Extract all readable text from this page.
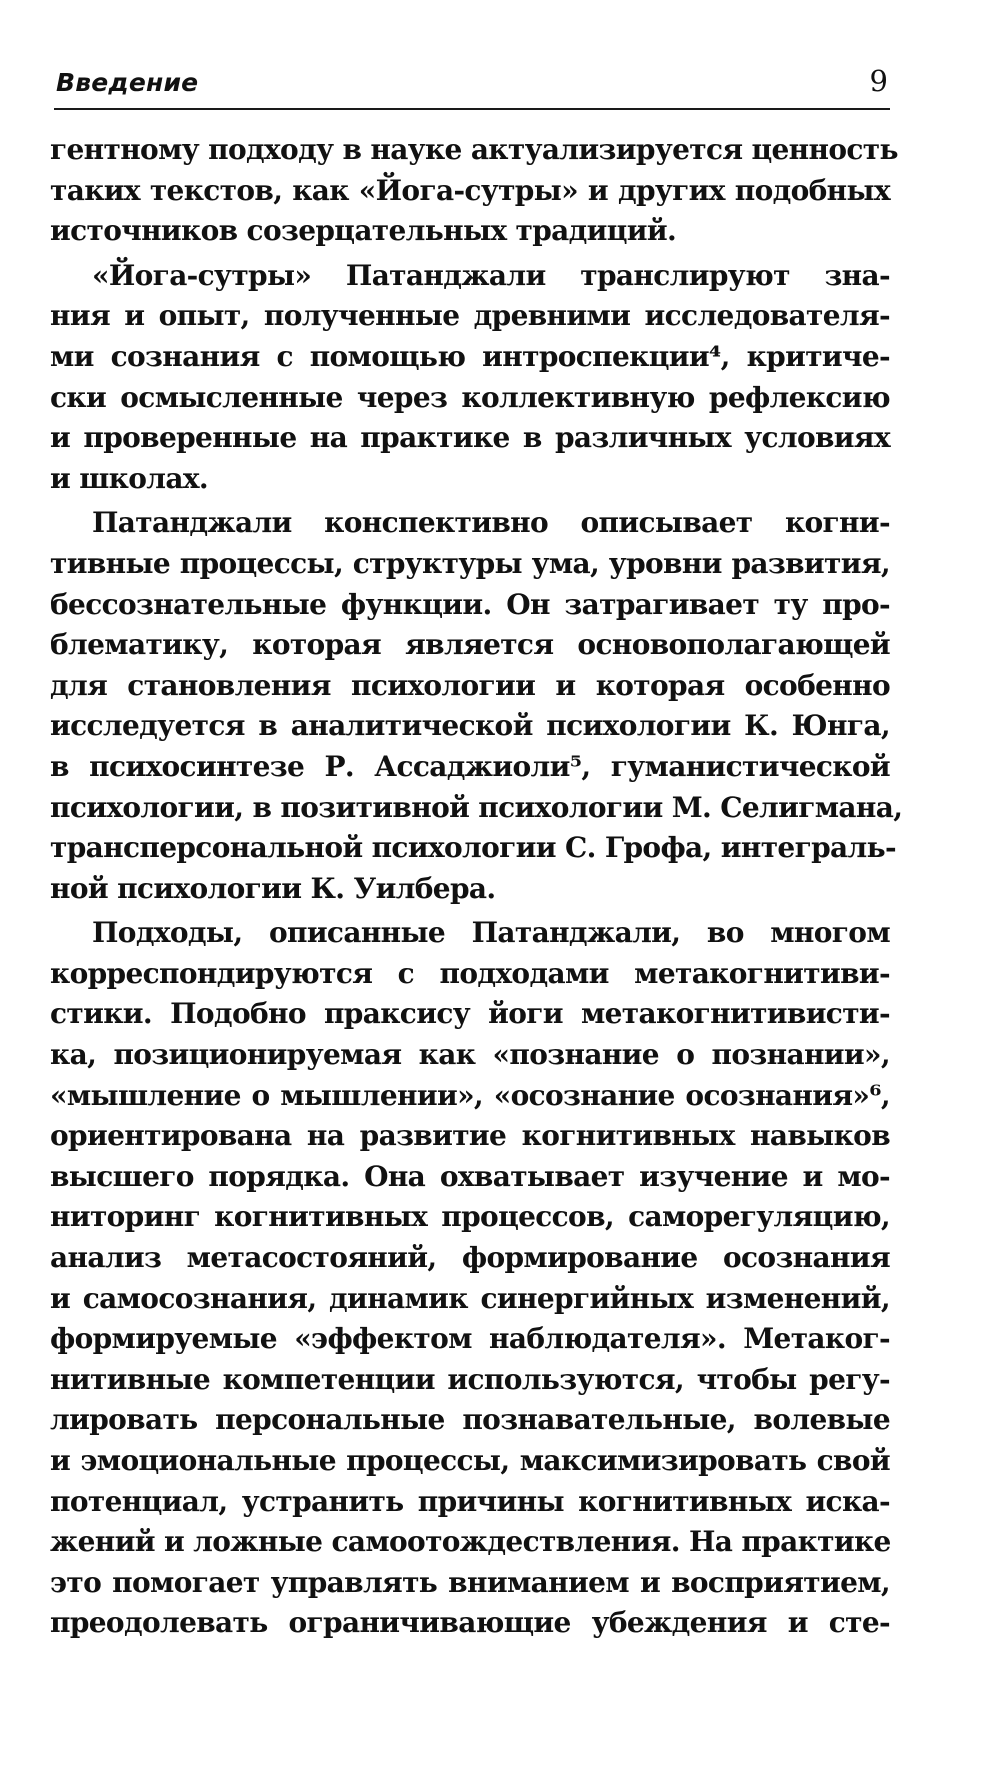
Введение	9
гентному подходу в науке актуализируется ценность
таких текстов, как «Йога-сутры» и других подобных
источников созерцательных традиций.
«Йога-сутры» Патанджали транслируют зна-
ния и опыт, полученные древними исследователя-
ми сознания с помощью интроспекции⁴, критиче-
ски осмысленные через коллективную рефлексию
и проверенные на практике в различных условиях
и школах.
Патанджали конспективно описывает когни-
тивные процессы, структуры ума, уровни развития,
бессознательные функции. Он затрагивает ту про-
блематику, которая является основополагающей
для становления психологии и которая особенно
исследуется в аналитической психологии К. Юнга,
в психосинтезе Р. Ассаджиоли⁵, гуманистической
психологии, в позитивной психологии М. Селигмана,
трансперсональной психологии С. Грофа, интеграль-
ной психологии К. Уилбера.
Подходы, описанные Патанджали, во многом
корреспондируются с подходами метакогнитиви-
стики. Подобно праксису йоги метакогнитивисти-
ка, позиционируемая как «познание о познании»,
«мышление о мышлении», «осознание осознания»⁶,
ориентирована на развитие когнитивных навыков
высшего порядка. Она охватывает изучение и мо-
ниторинг когнитивных процессов, саморегуляцию,
анализ метасостояний, формирование осознания
и самосознания, динамик синергийных изменений,
формируемые «эффектом наблюдателя». Метаког-
нитивные компетенции используются, чтобы регу-
лировать персональные познавательные, волевые
и эмоциональные процессы, максимизировать свой
потенциал, устранить причины когнитивных иска-
жений и ложные самоотождествления. На практике
это помогает управлять вниманием и восприятием,
преодолевать ограничивающие убеждения и сте-
